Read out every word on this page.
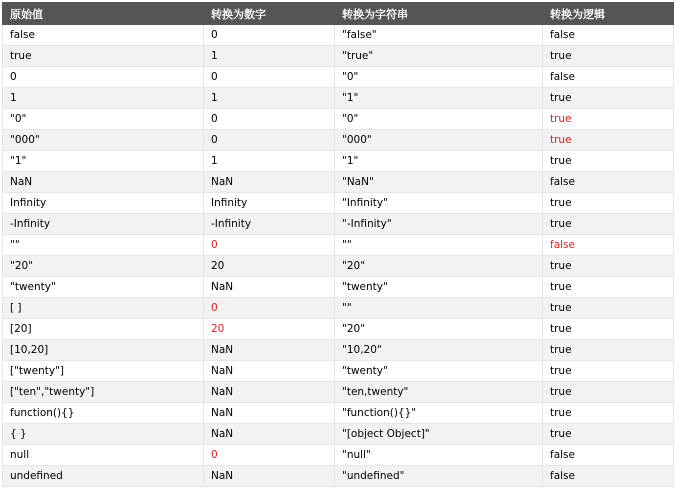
原始值	转换为数字	转换为字符串	转换为逻辑
false	0	"false"	false
true	1	"true"	true
0	0	"0"	false
1	1	"1"	true
"0"	0	"0"	true
"000"	0	"000"	true
"1"	1	"1"	true
NaN	NaN	"NaN"	false
Infinity	Infinity	"Infinity"	true
-Infinity	-Infinity	"-Infinity"	true
""	0	""	false
"20"	20	"20"	true
"twenty"	NaN	"twenty"	true
[ ]	0	""	true
[20]	20	"20"	true
[10,20]	NaN	"10,20"	true
["twenty"]	NaN	"twenty"	true
["ten","twenty"]	NaN	"ten,twenty"	true
function(){}	NaN	"function(){}"	true
{ }	NaN	"[object Object]"	true
null	0	"null"	false
undefined	NaN	"undefined"	false
